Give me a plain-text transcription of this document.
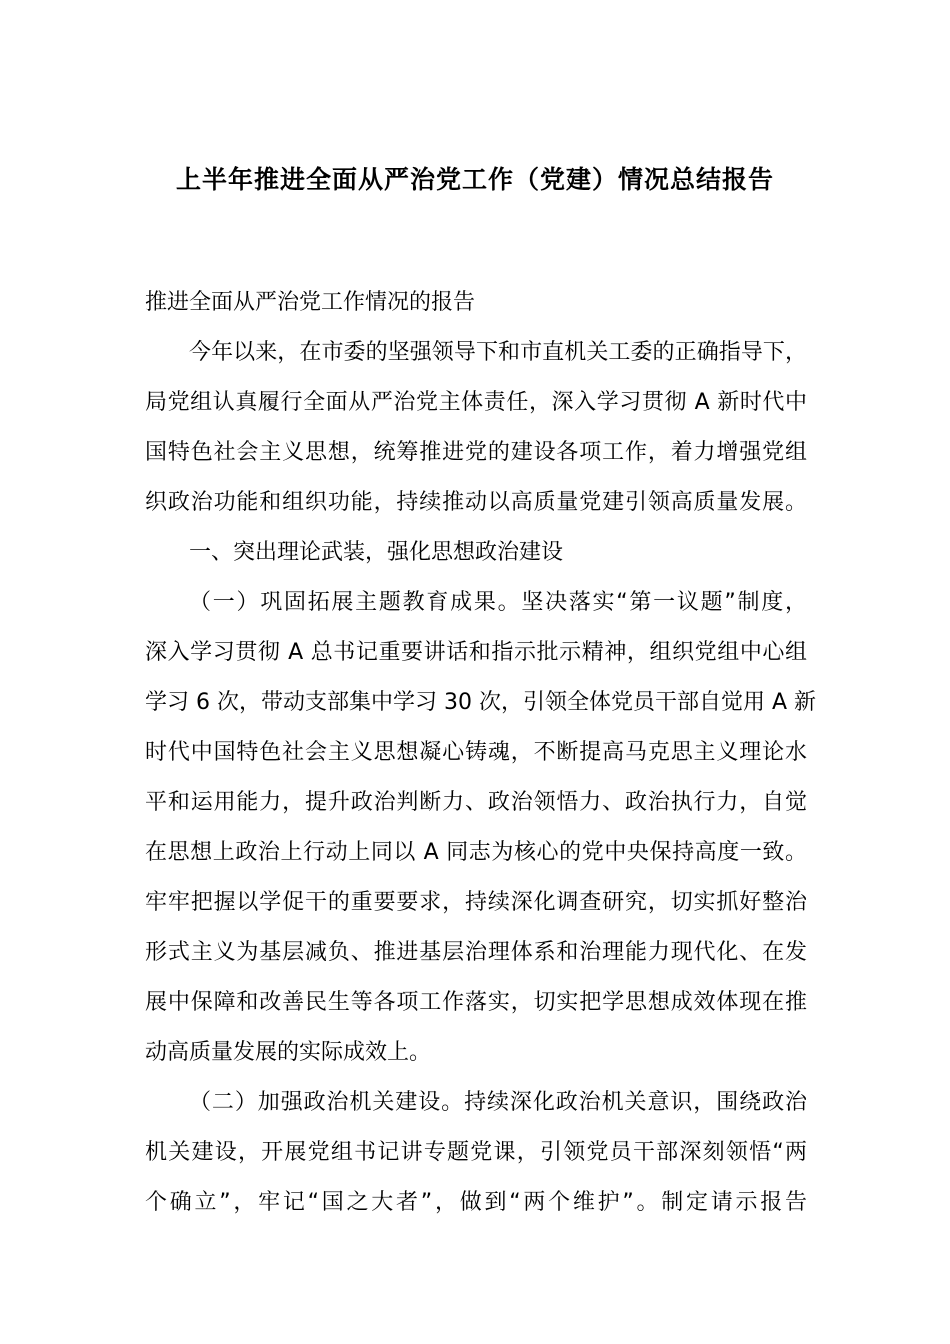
上半年推进全面从严治党工作（党建）情况总结报告

推进全面从严治党工作情况的报告

今年以来，在市委的坚强领导下和市直机关工委的正确指导下，
局党组认真履行全面从严治党主体责任，深入学习贯彻 A 新时代中
国特色社会主义思想，统筹推进党的建设各项工作，着力增强党组
织政治功能和组织功能，持续推动以高质量党建引领高质量发展。

一、突出理论武装，强化思想政治建设

（一）巩固拓展主题教育成果。坚决落实“第一议题”制度，
深入学习贯彻 A 总书记重要讲话和指示批示精神，组织党组中心组
学习 6 次，带动支部集中学习 30 次，引领全体党员干部自觉用 A 新
时代中国特色社会主义思想凝心铸魂，不断提高马克思主义理论水
平和运用能力，提升政治判断力、政治领悟力、政治执行力，自觉
在思想上政治上行动上同以 A 同志为核心的党中央保持高度一致。
牢牢把握以学促干的重要要求，持续深化调查研究，切实抓好整治
形式主义为基层减负、推进基层治理体系和治理能力现代化、在发
展中保障和改善民生等各项工作落实，切实把学思想成效体现在推
动高质量发展的实际成效上。

（二）加强政治机关建设。持续深化政治机关意识，围绕政治
机关建设，开展党组书记讲专题党课，引领党员干部深刻领悟“两
个确立”，牢记“国之大者”，做到“两个维护”。制定请示报告
